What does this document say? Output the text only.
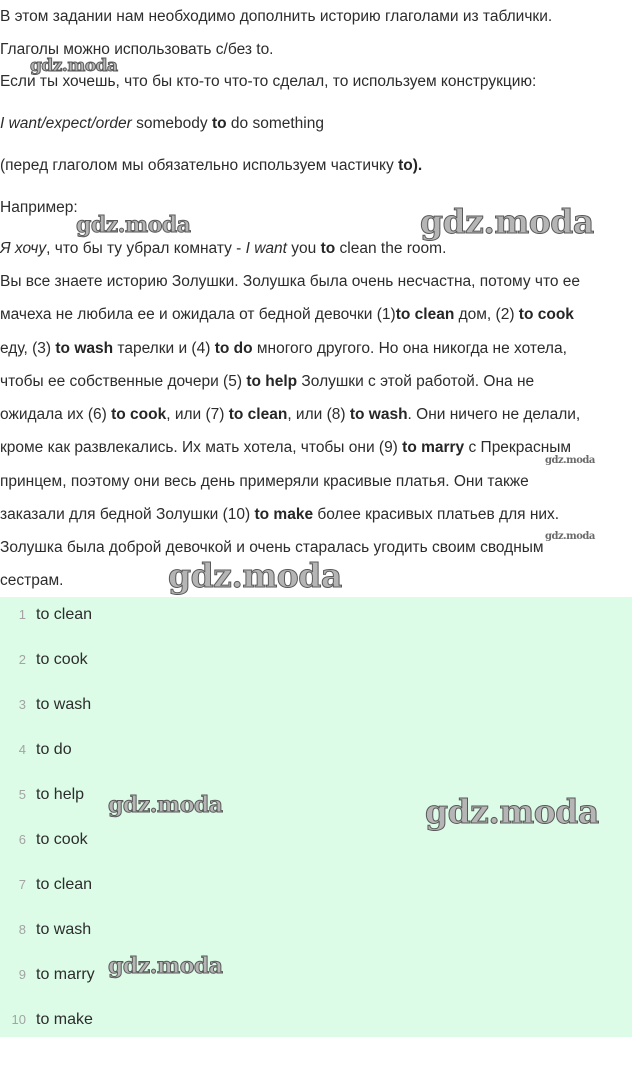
В этом задании нам необходимо дополнить историю глаголами из таблички.
Глаголы можно использовать с/без to.
Если ты хочешь, что бы кто-то что-то сделал, то используем конструкцию:
I want/expect/order somebody to do something
(перед глаголом мы обязательно используем частичку to).
Например:
Я хочу, что бы ту убрал комнату - I want you to clean the room.
Вы все знаете историю Золушки. Золушка была очень несчастна, потому что ее
мачеха не любила ее и ожидала от бедной девочки (1)to clean дом, (2) to cook
еду, (3) to wash тарелки и (4) to do многого другого. Но она никогда не хотела,
чтобы ее собственные дочери (5) to help Золушки с этой работой. Она не
ожидала их (6) to cook, или (7) to clean, или (8) to wash. Они ничего не делали,
кроме как развлекались. Их мать хотела, чтобы они (9) to marry с Прекрасным
принцем, поэтому они весь день примеряли красивые платья. Они также
заказали для бедной Золушки (10) to make более красивых платьев для них.
Золушка была доброй девочкой и очень старалась угодить своим сводным
сестрам.
1 to clean
2 to cook
3 to wash
4 to do
5 to help
6 to cook
7 to clean
8 to wash
9 to marry
10 to make
gdz.moda
gdz.moda	gdz.moda
gdz.moda
gdz.moda
gdz.moda
gdz.moda	gdz.moda
gdz.moda
